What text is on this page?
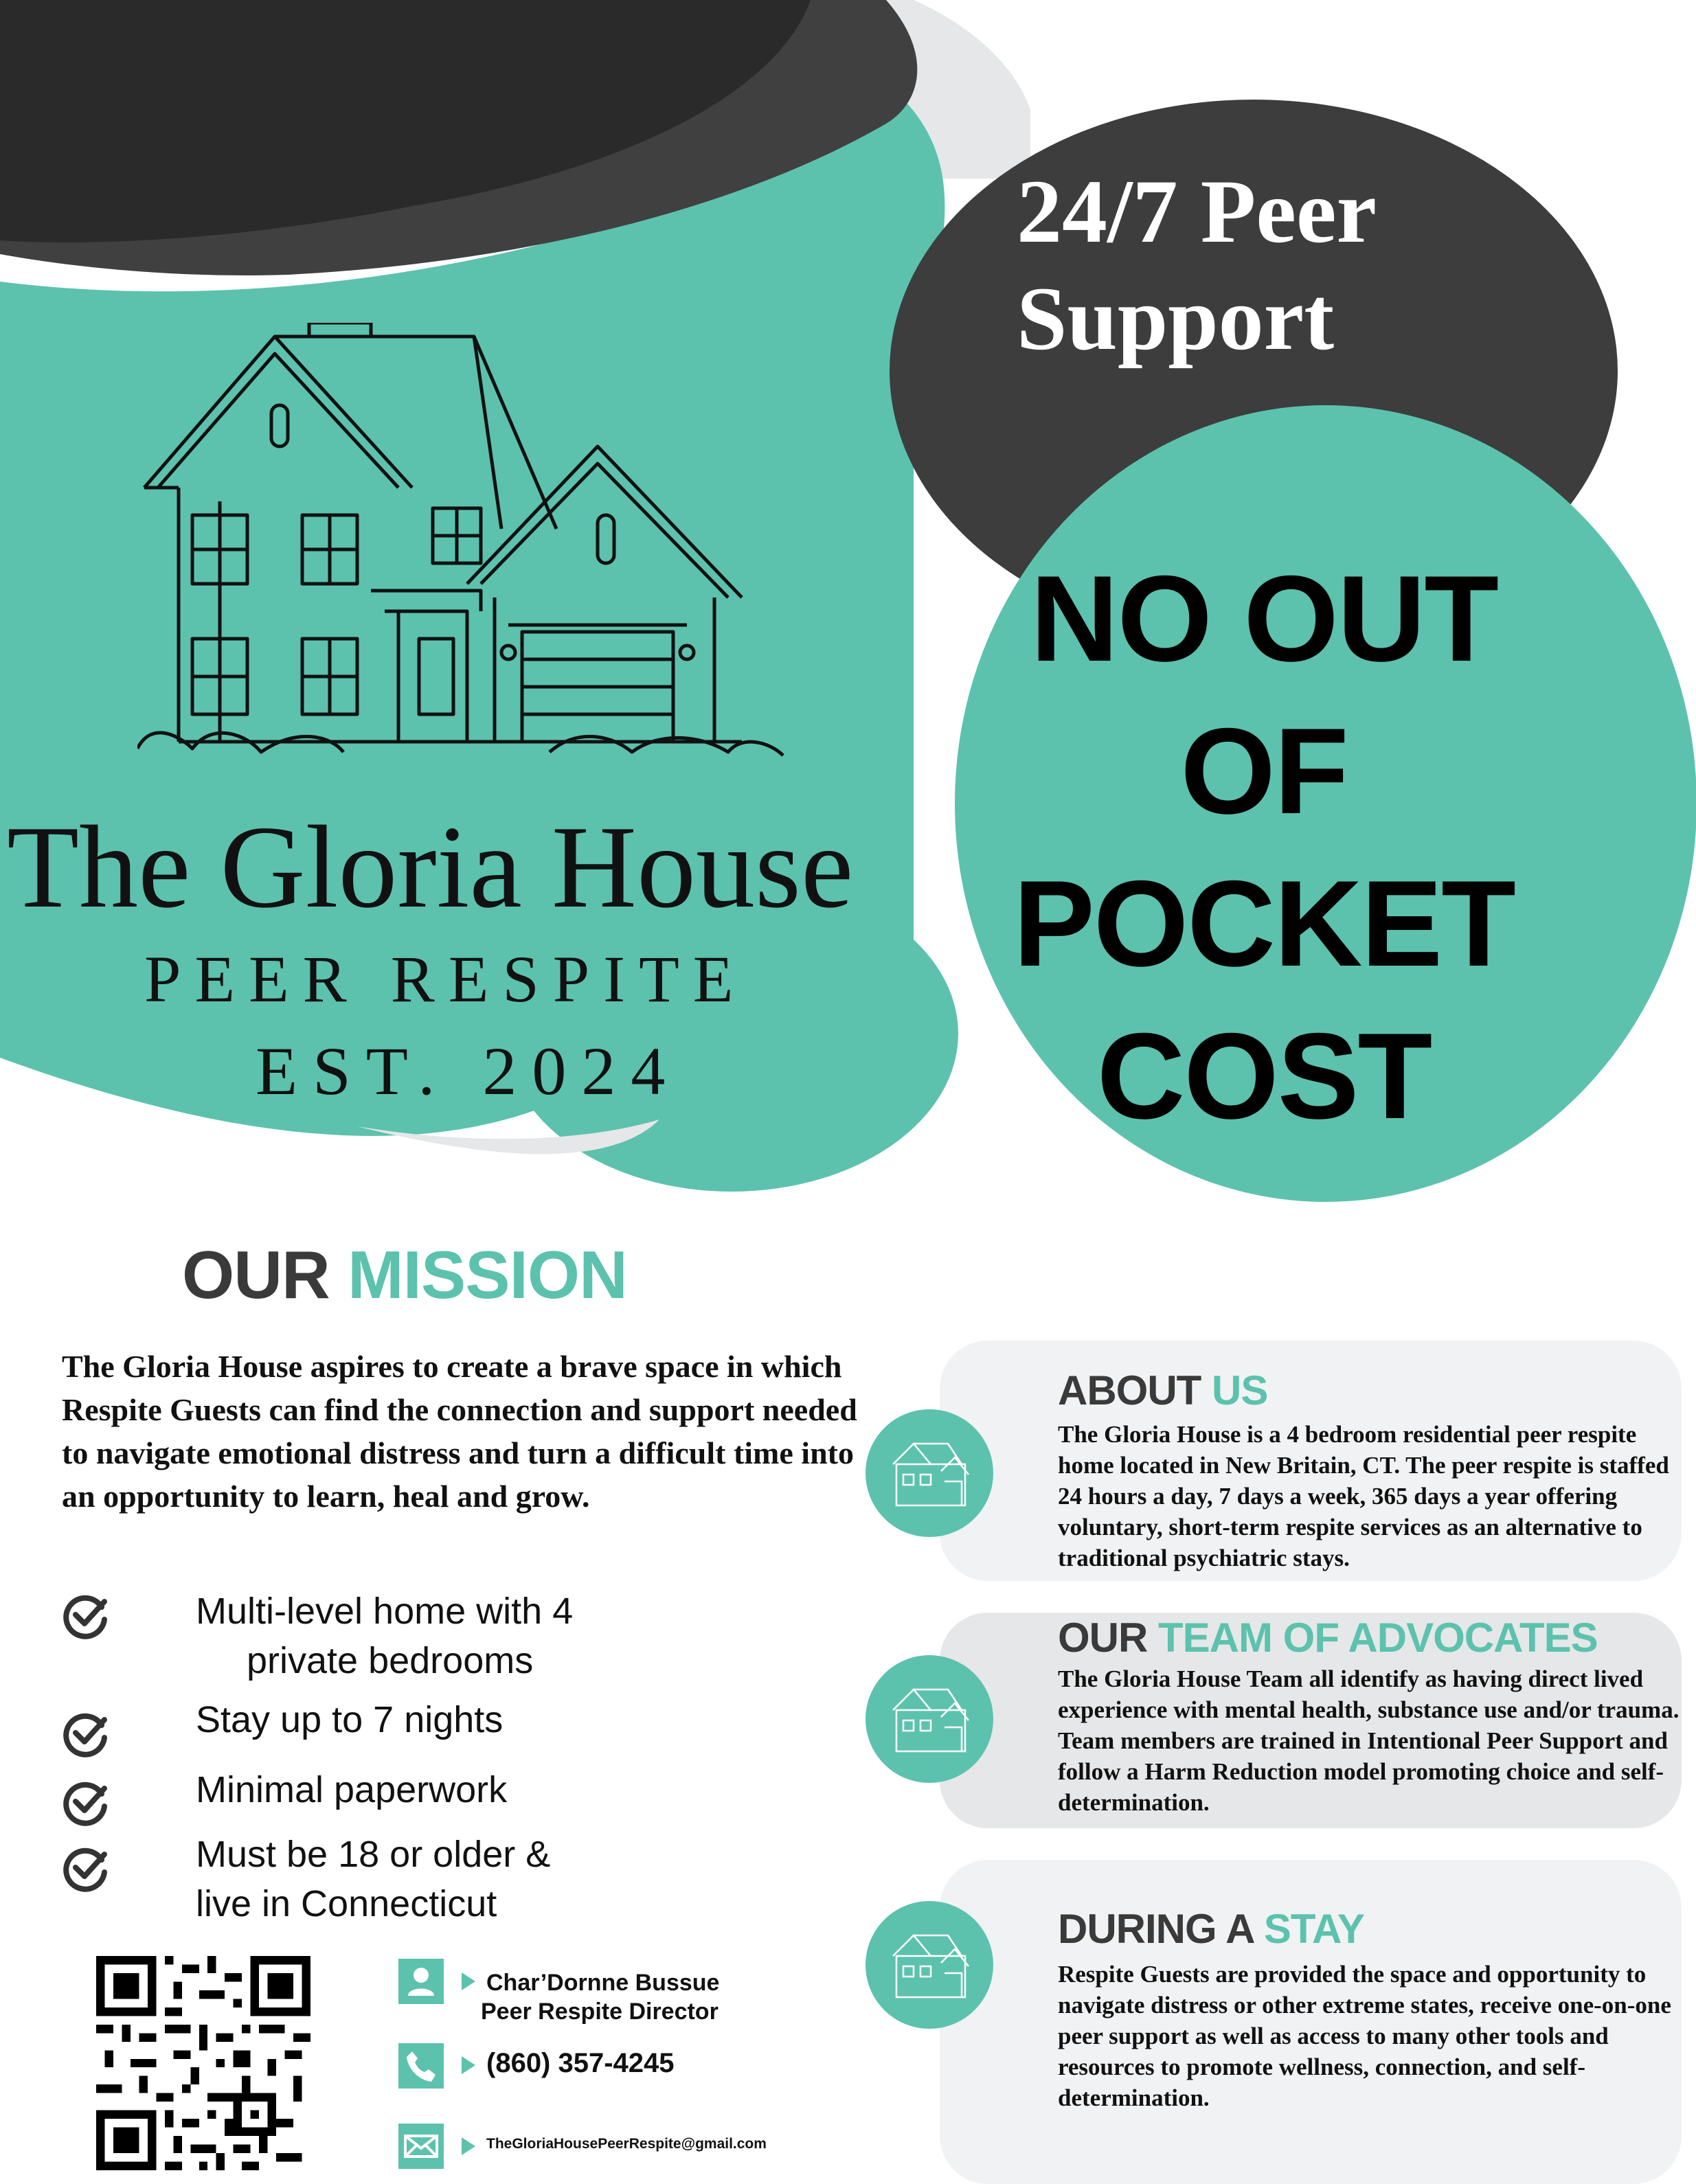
24/7 Peer Support
NO OUT
OF
POCKET
COST
The Gloria House
PEER RESPITE
EST. 2024
OUR MISSION
The Gloria House aspires to create a brave space in which Respite Guests can find the connection and support needed to navigate emotional distress and turn a difficult time into an opportunity to learn, heal and grow.
Multi-level home with 4
private bedrooms
Stay up to 7 nights
Minimal paperwork
Must be 18 or older &
live in Connecticut
ABOUT US
The Gloria House is a 4 bedroom residential peer respite home located in New Britain, CT. The peer respite is staffed 24 hours a day, 7 days a week, 365 days a year offering voluntary, short-term respite services as an alternative to traditional psychiatric stays.
OUR TEAM OF ADVOCATES
The Gloria House Team all identify as having direct lived experience with mental health, substance use and/or trauma. Team members are trained in Intentional Peer Support and follow a Harm Reduction model promoting choice and self-determination.
DURING A STAY
Respite Guests are provided the space and opportunity to navigate distress or other extreme states, receive one-on-one peer support as well as access to many other tools and resources to promote wellness, connection, and self-determination.
Char’Dornne Bussue
Peer Respite Director
(860) 357-4245
TheGloriaHousePeerRespite@gmail.com
